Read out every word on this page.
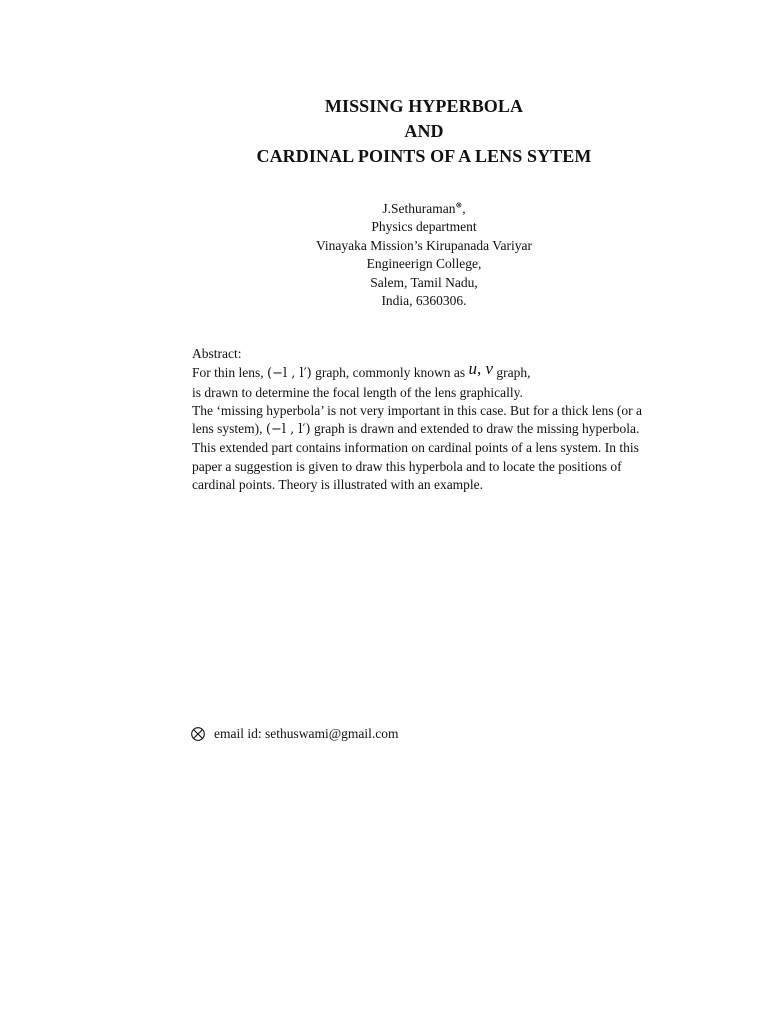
MISSING HYPERBOLA
AND
CARDINAL POINTS OF A LENS SYTEM
J.Sethuraman⊗,
Physics department
Vinayaka Mission’s Kirupanada Variyar
Engineerign College,
Salem, Tamil Nadu,
India, 6360306.

Abstract:

For thin lens, (−l , l′) graph, commonly known as u, v graph,
is drawn to determine the focal length of the lens graphically.

The ‘missing hyperbola’ is not very important in this case. But for a thick lens (or a lens system), (−l , l′) graph is drawn and extended to draw the missing hyperbola. This extended part contains information on cardinal points of a lens system. In this paper a suggestion is given to draw this hyperbola and to locate the positions of cardinal points. Theory is illustrated with an example.

email id: sethuswami@gmail.com
